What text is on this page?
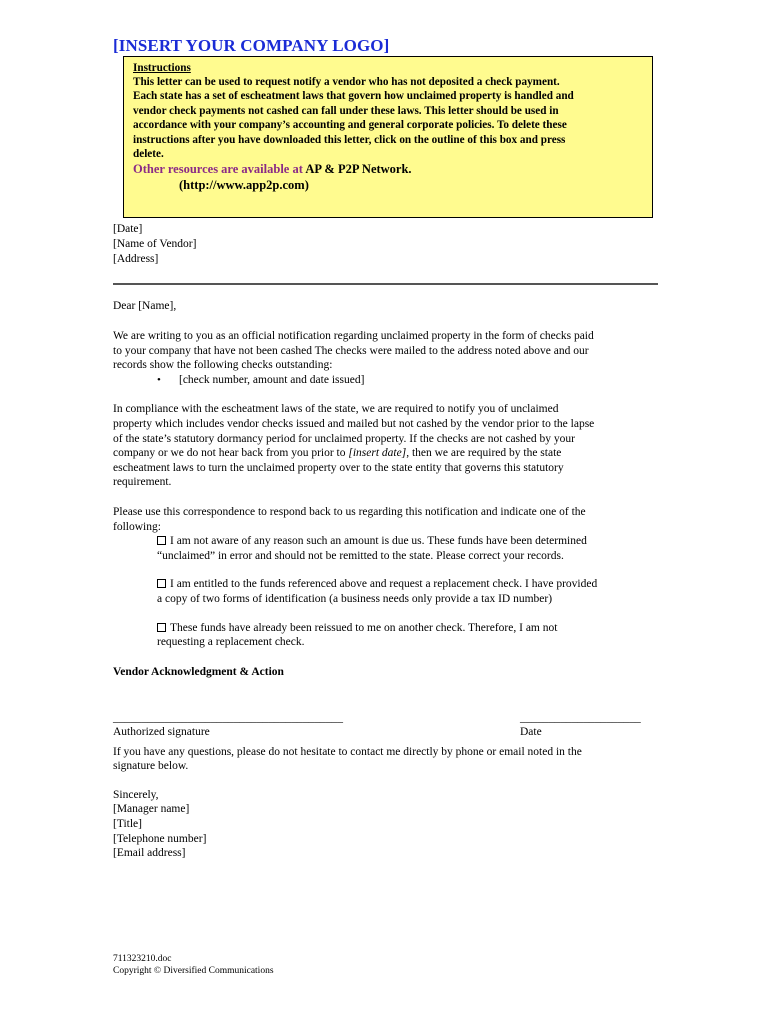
[INSERT YOUR COMPANY LOGO]
Instructions
This letter can be used to request notify a vendor who has not deposited a check payment.
Each state has a set of escheatment laws that govern how unclaimed property is handled and
vendor check payments not cashed can fall under these laws. This letter should be used in
accordance with your company’s accounting and general corporate policies. To delete these
instructions after you have downloaded this letter, click on the outline of this box and press
delete.
Other resources are available at AP & P2P Network.
(http://www.app2p.com)
[Date]
[Name of Vendor]
[Address]

Dear [Name],

We are writing to you as an official notification regarding unclaimed property in the form of checks paid
to your company that have not been cashed The checks were mailed to the address noted above and our
records show the following checks outstanding:
• [check number, amount and date issued]
In compliance with the escheatment laws of the state, we are required to notify you of unclaimed
property which includes vendor checks issued and mailed but not cashed by the vendor prior to the lapse
of the state’s statutory dormancy period for unclaimed property. If the checks are not cashed by your
company or we do not hear back from you prior to [insert date], then we are required by the state
escheatment laws to turn the unclaimed property over to the state entity that governs this statutory
requirement.
Please use this correspondence to respond back to us regarding this notification and indicate one of the
following:
I am not aware of any reason such an amount is due us. These funds have been determined
“unclaimed” in error and should not be remitted to the state. Please correct your records.
I am entitled to the funds referenced above and request a replacement check. I have provided
a copy of two forms of identification (a business needs only provide a tax ID number)
These funds have already been reissued to me on another check. Therefore, I am not
requesting a replacement check.

Vendor Acknowledgment & Action

________________________________________
Authorized signature
_____________________
Date
If you have any questions, please do not hesitate to contact me directly by phone or email noted in the
signature below.
Sincerely,
[Manager name]
[Title]
[Telephone number]
[Email address]
711323210.doc
Copyright © Diversified Communications
